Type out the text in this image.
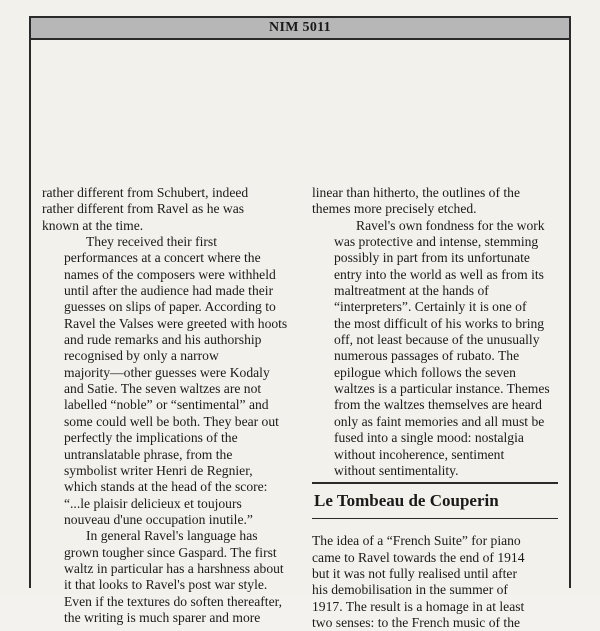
NIM 5011

rather different from Schubert, indeed
rather different from Ravel as he was
known at the time.

They received their first
performances at a concert where the
names of the composers were withheld
until after the audience had made their
guesses on slips of paper. According to
Ravel the Valses were greeted with hoots
and rude remarks and his authorship
recognised by only a narrow
majority—other guesses were Kodaly
and Satie. The seven waltzes are not
labelled “noble” or “sentimental” and
some could well be both. They bear out
perfectly the implications of the
untranslatable phrase, from the
symbolist writer Henri de Regnier,
which stands at the head of the score:
“...le plaisir delicieux et toujours
nouveau d'une occupation inutile.”

In general Ravel's language has
grown tougher since Gaspard. The first
waltz in particular has a harshness about
it that looks to Ravel's post war style.
Even if the textures do soften thereafter,
the writing is much sparer and more

linear than hitherto, the outlines of the
themes more precisely etched.

Ravel's own fondness for the work
was protective and intense, stemming
possibly in part from its unfortunate
entry into the world as well as from its
maltreatment at the hands of
“interpreters”. Certainly it is one of
the most difficult of his works to bring
off, not least because of the unusually
numerous passages of rubato. The
epilogue which follows the seven
waltzes is a particular instance. Themes
from the waltzes themselves are heard
only as faint memories and all must be
fused into a single mood: nostalgia
without incoherence, sentiment
without sentimentality.

Le Tombeau de Couperin

The idea of a “French Suite” for piano
came to Ravel towards the end of 1914
but it was not fully realised until after
his demobilisation in the summer of
1917. The result is a homage in at least
two senses: to the French music of the
